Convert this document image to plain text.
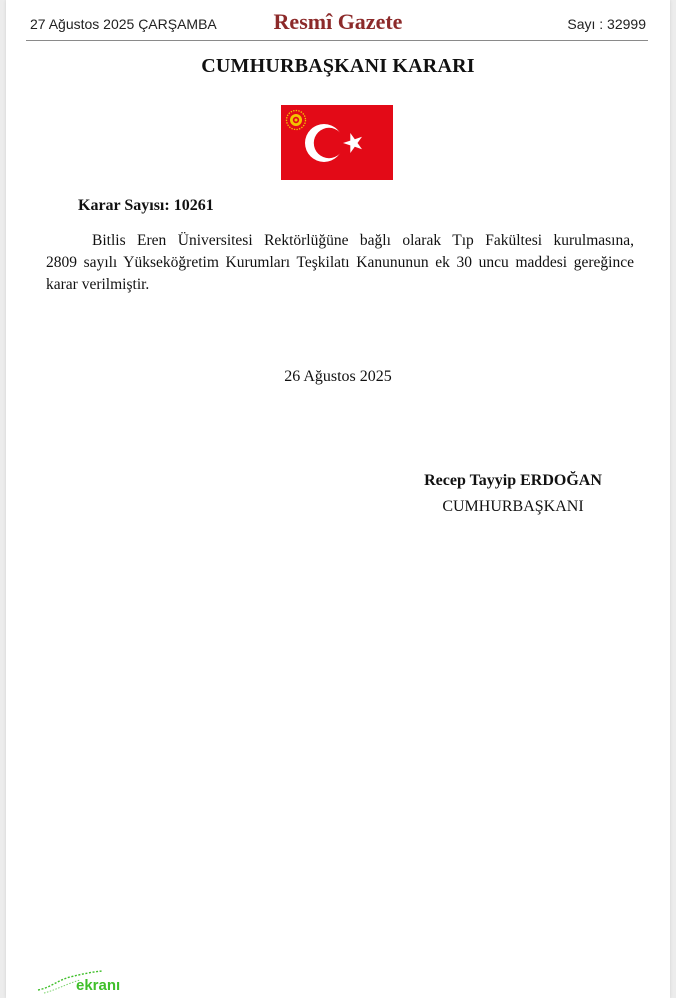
27 Ağustos 2025 ÇARŞAMBA	Resmî Gazete	Sayı : 32999
CUMHURBAŞKANI KARARI
Karar Sayısı: 10261
Bitlis Eren Üniversitesi Rektörlüğüne bağlı olarak Tıp Fakültesi kurulmasına,
2809 sayılı Yükseköğretim Kurumları Teşkilatı Kanununun ek 30 uncu maddesi gereğince
karar verilmiştir.
26 Ağustos 2025
Recep Tayyip ERDOĞAN
CUMHURBAŞKANI
ekranı
